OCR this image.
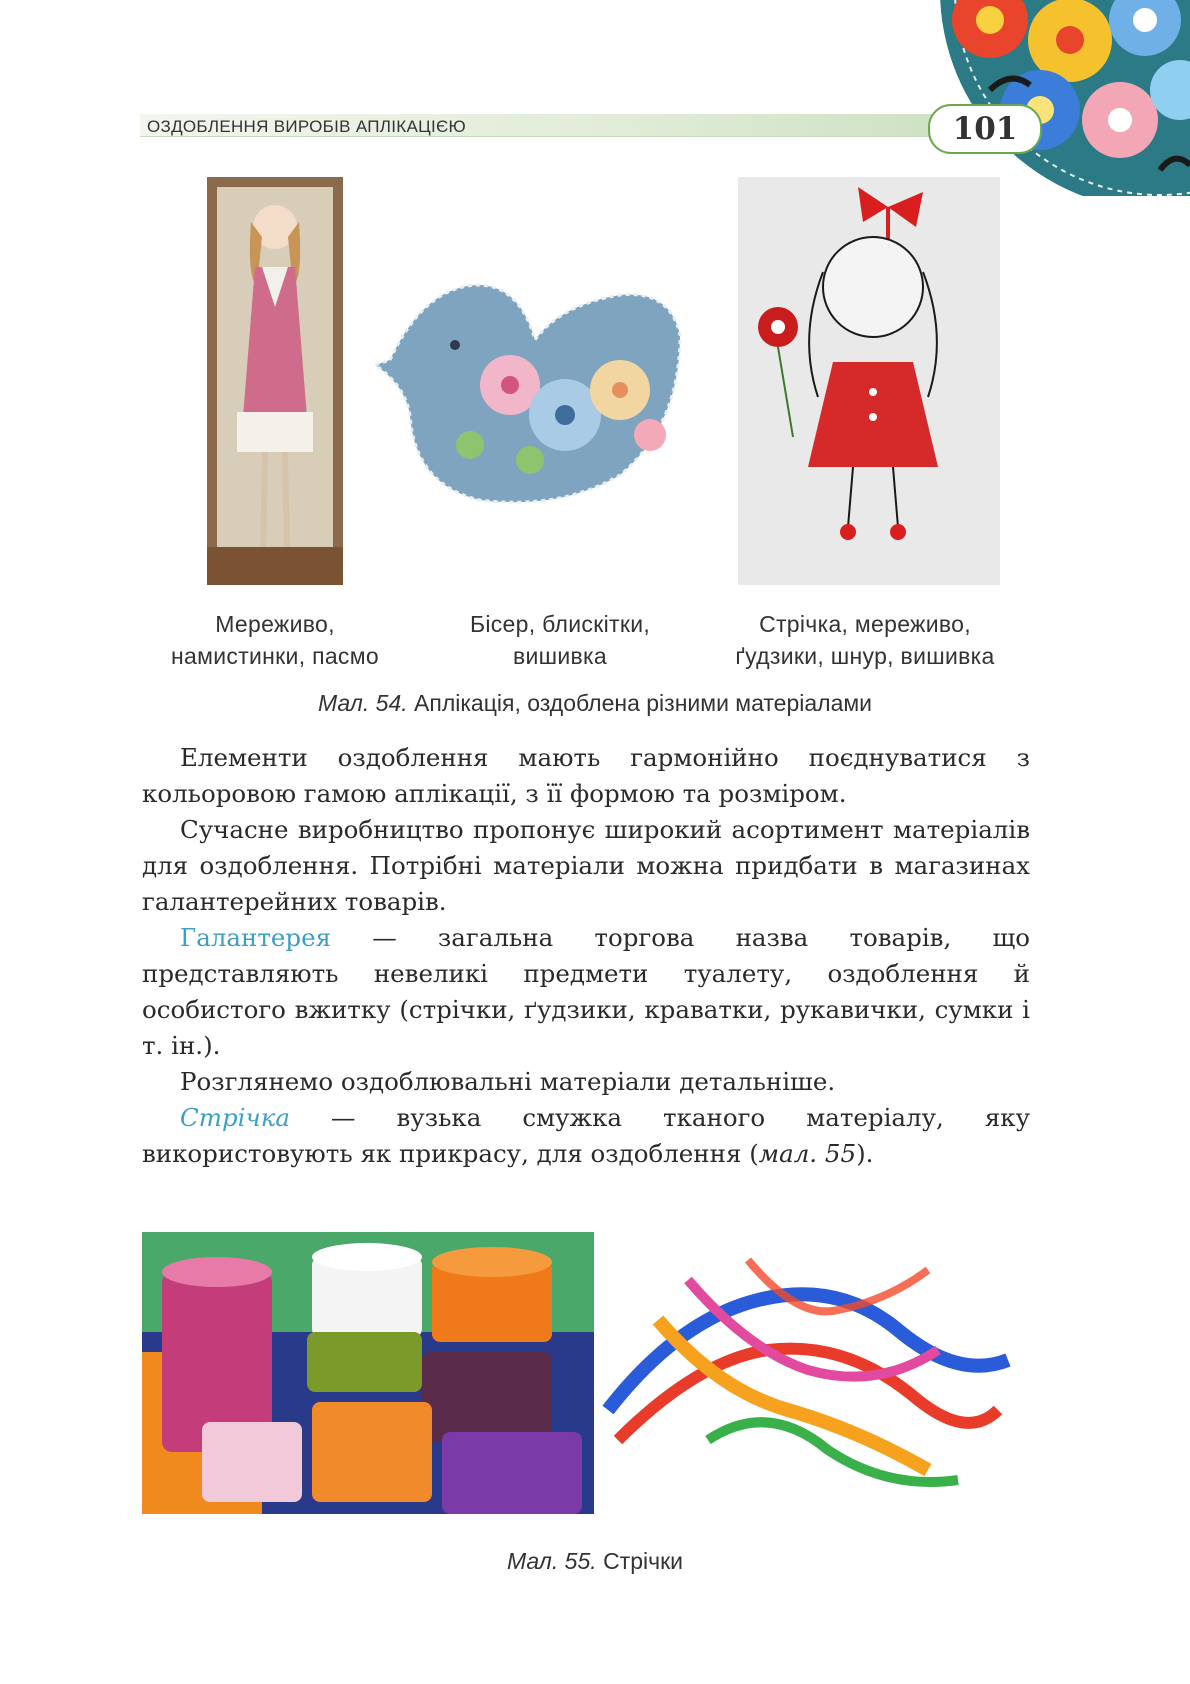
ОЗДОБЛЕННЯ ВИРОБІВ АПЛІКАЦІЄЮ	101
Мереживо,
намистинки, пасмо
Бісер, блискітки,
вишивка
Стрічка, мереживо,
ґудзики, шнур, вишивка
Мал. 54. Аплікація, оздоблена різними матеріалами

Елементи оздоблення мають гармонійно поєднуватися з кольоровою гамою аплікації, з її формою та розміром.

Сучасне виробництво пропонує широкий асортимент матеріалів для оздоблення. Потрібні матеріали можна придбати в магазинах галантерейних товарів.

Галантерея — загальна торгова назва товарів, що представляють невеликі предмети туалету, оздоблення й особистого вжитку (стрічки, ґудзики, краватки, рукавички, сумки і т. ін.).

Розглянемо оздоблювальні матеріали детальніше.

Стрічка — вузька смужка тканого матеріалу, яку використовують як прикрасу, для оздоблення (мал. 55).

Мал. 55. Стрічки
